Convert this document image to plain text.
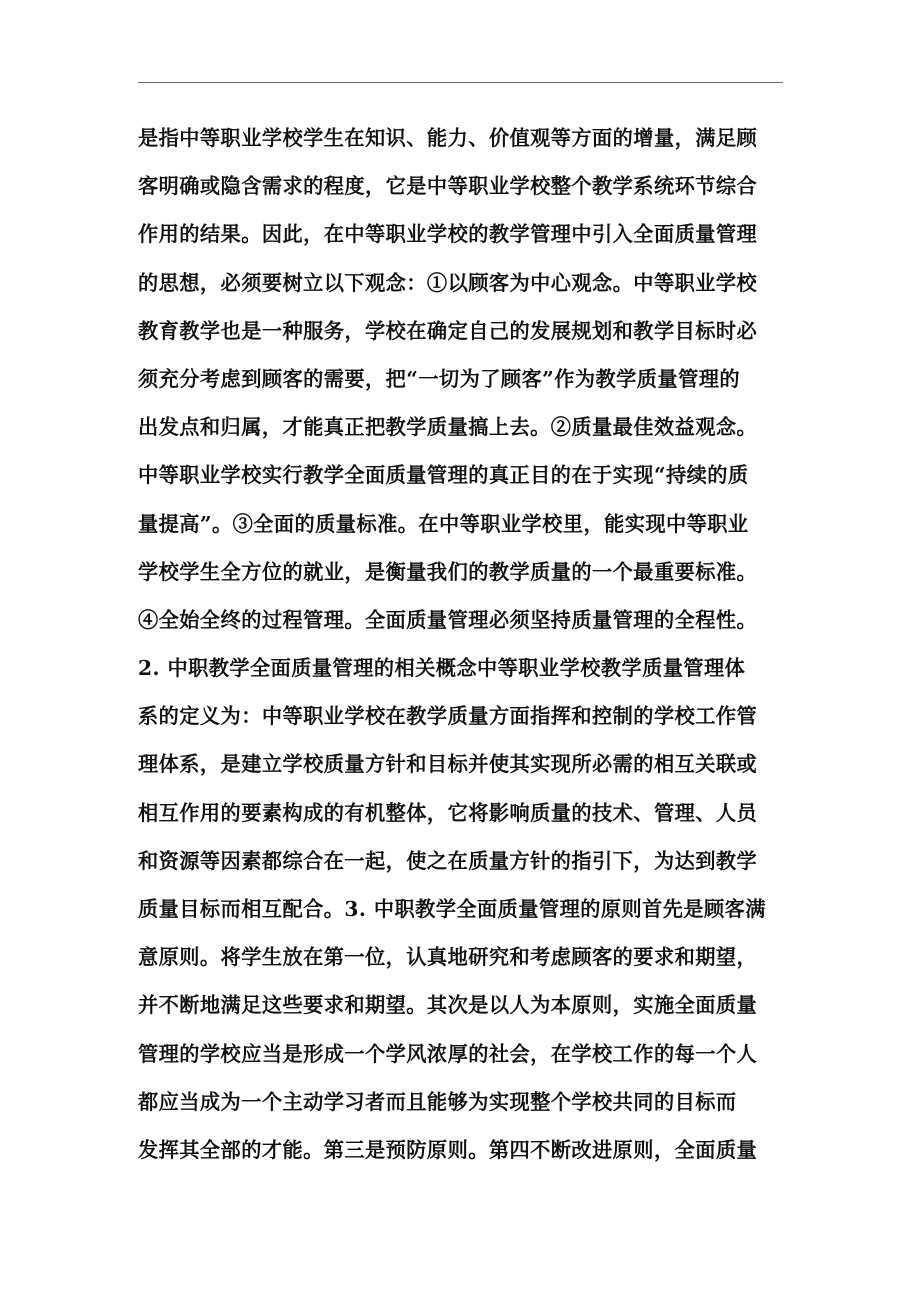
是指中等职业学校学生在知识、能力、价值观等方面的增量，满足顾
客明确或隐含需求的程度，它是中等职业学校整个教学系统环节综合
作用的结果。因此，在中等职业学校的教学管理中引入全面质量管理
的思想，必须要树立以下观念：①以顾客为中心观念。中等职业学校
教育教学也是一种服务，学校在确定自己的发展规划和教学目标时必
须充分考虑到顾客的需要，把“一切为了顾客”作为教学质量管理的
出发点和归属，才能真正把教学质量搞上去。②质量最佳效益观念。
中等职业学校实行教学全面质量管理的真正目的在于实现“持续的质
量提高”。③全面的质量标准。在中等职业学校里，能实现中等职业
学校学生全方位的就业，是衡量我们的教学质量的一个最重要标准。
④全始全终的过程管理。全面质量管理必须坚持质量管理的全程性。
2. 中职教学全面质量管理的相关概念中等职业学校教学质量管理体
系的定义为：中等职业学校在教学质量方面指挥和控制的学校工作管
理体系，是建立学校质量方针和目标并使其实现所必需的相互关联或
相互作用的要素构成的有机整体，它将影响质量的技术、管理、人员
和资源等因素都综合在一起，使之在质量方针的指引下，为达到教学
质量目标而相互配合。3. 中职教学全面质量管理的原则首先是顾客满
意原则。将学生放在第一位，认真地研究和考虑顾客的要求和期望，
并不断地满足这些要求和期望。其次是以人为本原则，实施全面质量
管理的学校应当是形成一个学风浓厚的社会，在学校工作的每一个人
都应当成为一个主动学习者而且能够为实现整个学校共同的目标而
发挥其全部的才能。第三是预防原则。第四不断改进原则，全面质量
